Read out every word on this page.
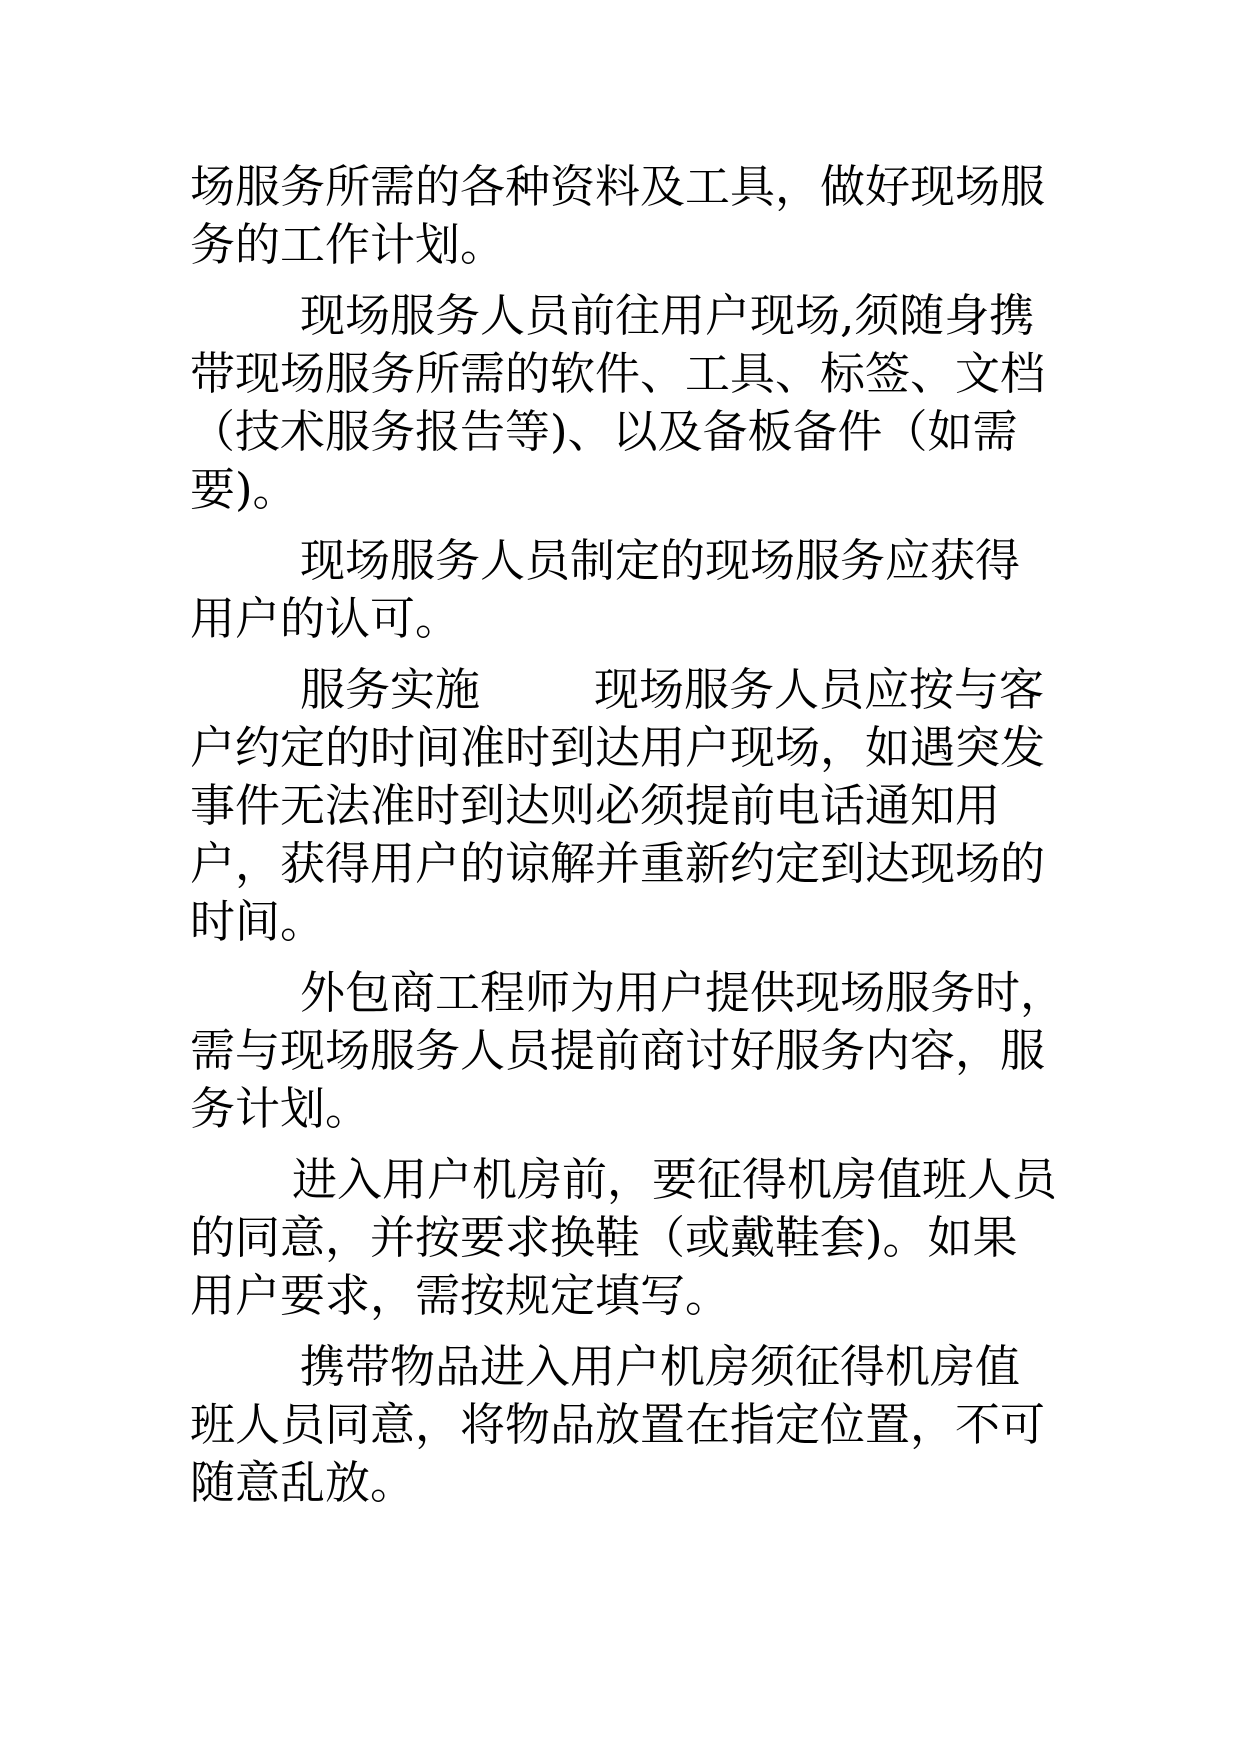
场服务所需的各种资料及工具，做好现场服
务的工作计划。
现场服务人员前往用户现场,须随身携
带现场服务所需的软件、工具、标签、文档
（技术服务报告等)、以及备板备件（如需
要)。
现场服务人员制定的现场服务应获得
用户的认可。
服务实施	现场服务人员应按与客
户约定的时间准时到达用户现场，如遇突发
事件无法准时到达则必须提前电话通知用
户，获得用户的谅解并重新约定到达现场的
时间。
外包商工程师为用户提供现场服务时，
需与现场服务人员提前商讨好服务内容，服
务计划。
进入用户机房前，要征得机房值班人员
的同意，并按要求换鞋（或戴鞋套)。如果
用户要求，需按规定填写。
携带物品进入用户机房须征得机房值
班人员同意，将物品放置在指定位置，不可
随意乱放。
